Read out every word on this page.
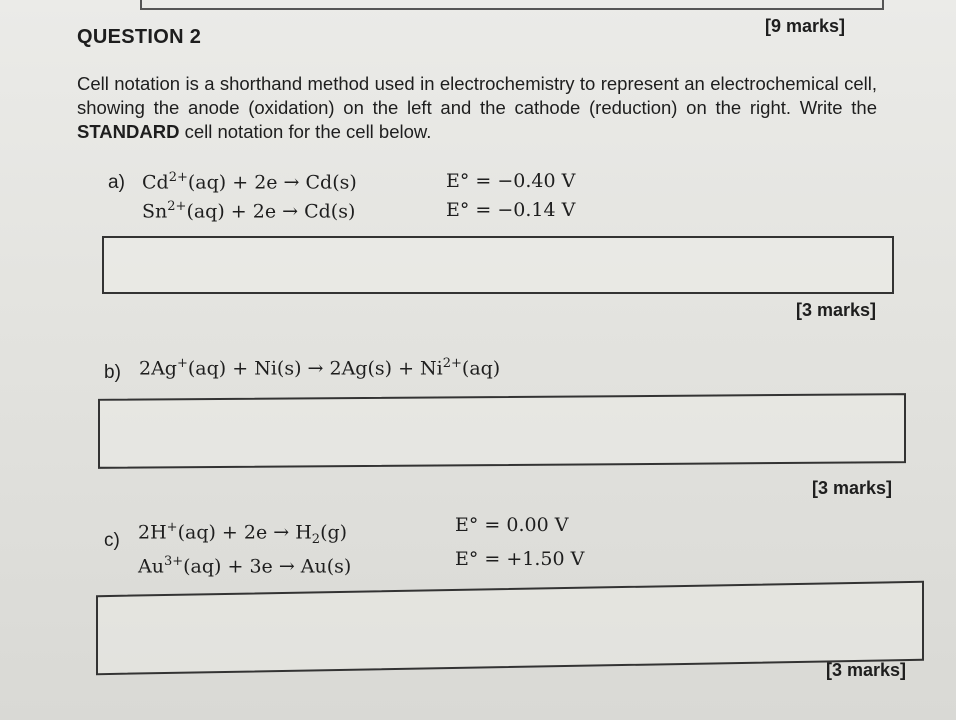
QUESTION 2	[9 marks]
Cell notation is a shorthand method used in electrochemistry to represent an electrochemical cell, showing the anode (oxidation) on the left and the cathode (reduction) on the right. Write the STANDARD cell notation for the cell below.
a) $Cd^{2+}(aq) + 2e \to Cd(s)$	E° = −0.40 V
$Sn^{2+}(aq) + 2e \to Cd(s)$	E° = −0.14 V
[3 marks]
b) $2Ag^+(aq) + Ni(s) \to 2Ag(s) + Ni^{2+}(aq)$
[3 marks]
c) $2H^+(aq) + 2e \to H_2(g)$	E° = 0.00 V
$Au^{3+}(aq) + 3e \to Au(s)$	E° = +1.50 V
[3 marks]
